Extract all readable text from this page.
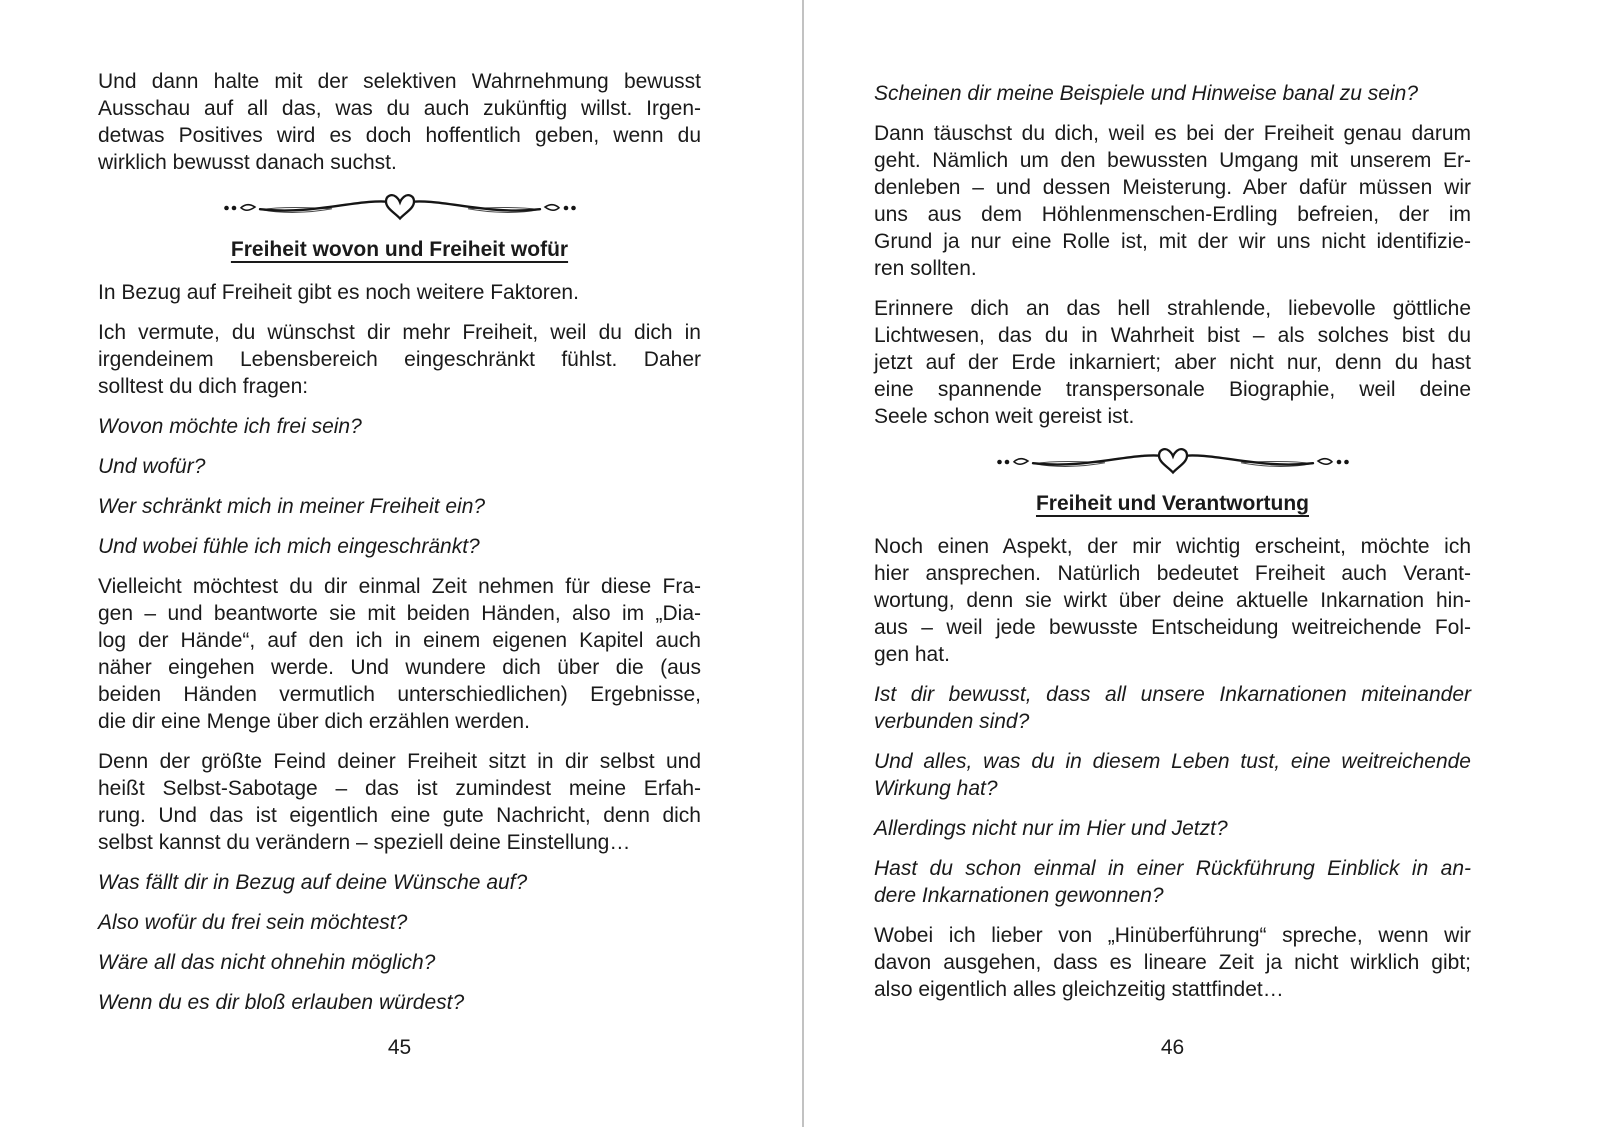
Und dann halte mit der selektiven Wahrnehmung bewusst
Ausschau auf all das, was du auch zukünftig willst. Irgen-
detwas Positives wird es doch hoffentlich geben, wenn du
wirklich bewusst danach suchst.
Freiheit wovon und Freiheit wofür
In Bezug auf Freiheit gibt es noch weitere Faktoren.
Ich vermute, du wünschst dir mehr Freiheit, weil du dich in
irgendeinem Lebensbereich eingeschränkt fühlst. Daher
solltest du dich fragen:
Wovon möchte ich frei sein?
Und wofür?
Wer schränkt mich in meiner Freiheit ein?
Und wobei fühle ich mich eingeschränkt?
Vielleicht möchtest du dir einmal Zeit nehmen für diese Fra-
gen – und beantworte sie mit beiden Händen, also im „Dia-
log der Hände“, auf den ich in einem eigenen Kapitel auch
näher eingehen werde. Und wundere dich über die (aus
beiden Händen vermutlich unterschiedlichen) Ergebnisse,
die dir eine Menge über dich erzählen werden.
Denn der größte Feind deiner Freiheit sitzt in dir selbst und
heißt Selbst-Sabotage – das ist zumindest meine Erfah-
rung. Und das ist eigentlich eine gute Nachricht, denn dich
selbst kannst du verändern – speziell deine Einstellung…
Was fällt dir in Bezug auf deine Wünsche auf?
Also wofür du frei sein möchtest?
Wäre all das nicht ohnehin möglich?
Wenn du es dir bloß erlauben würdest?
45
Scheinen dir meine Beispiele und Hinweise banal zu sein?
Dann täuschst du dich, weil es bei der Freiheit genau darum
geht. Nämlich um den bewussten Umgang mit unserem Er-
denleben – und dessen Meisterung. Aber dafür müssen wir
uns aus dem Höhlenmenschen-Erdling befreien, der im
Grund ja nur eine Rolle ist, mit der wir uns nicht identifizie-
ren sollten.
Erinnere dich an das hell strahlende, liebevolle göttliche
Lichtwesen, das du in Wahrheit bist – als solches bist du
jetzt auf der Erde inkarniert; aber nicht nur, denn du hast
eine spannende transpersonale Biographie, weil deine
Seele schon weit gereist ist.
Freiheit und Verantwortung
Noch einen Aspekt, der mir wichtig erscheint, möchte ich
hier ansprechen. Natürlich bedeutet Freiheit auch Verant-
wortung, denn sie wirkt über deine aktuelle Inkarnation hin-
aus – weil jede bewusste Entscheidung weitreichende Fol-
gen hat.
Ist dir bewusst, dass all unsere Inkarnationen miteinander
verbunden sind?
Und alles, was du in diesem Leben tust, eine weitreichende
Wirkung hat?
Allerdings nicht nur im Hier und Jetzt?
Hast du schon einmal in einer Rückführung Einblick in an-
dere Inkarnationen gewonnen?
Wobei ich lieber von „Hinüberführung“ spreche, wenn wir
davon ausgehen, dass es lineare Zeit ja nicht wirklich gibt;
also eigentlich alles gleichzeitig stattfindet…
46
